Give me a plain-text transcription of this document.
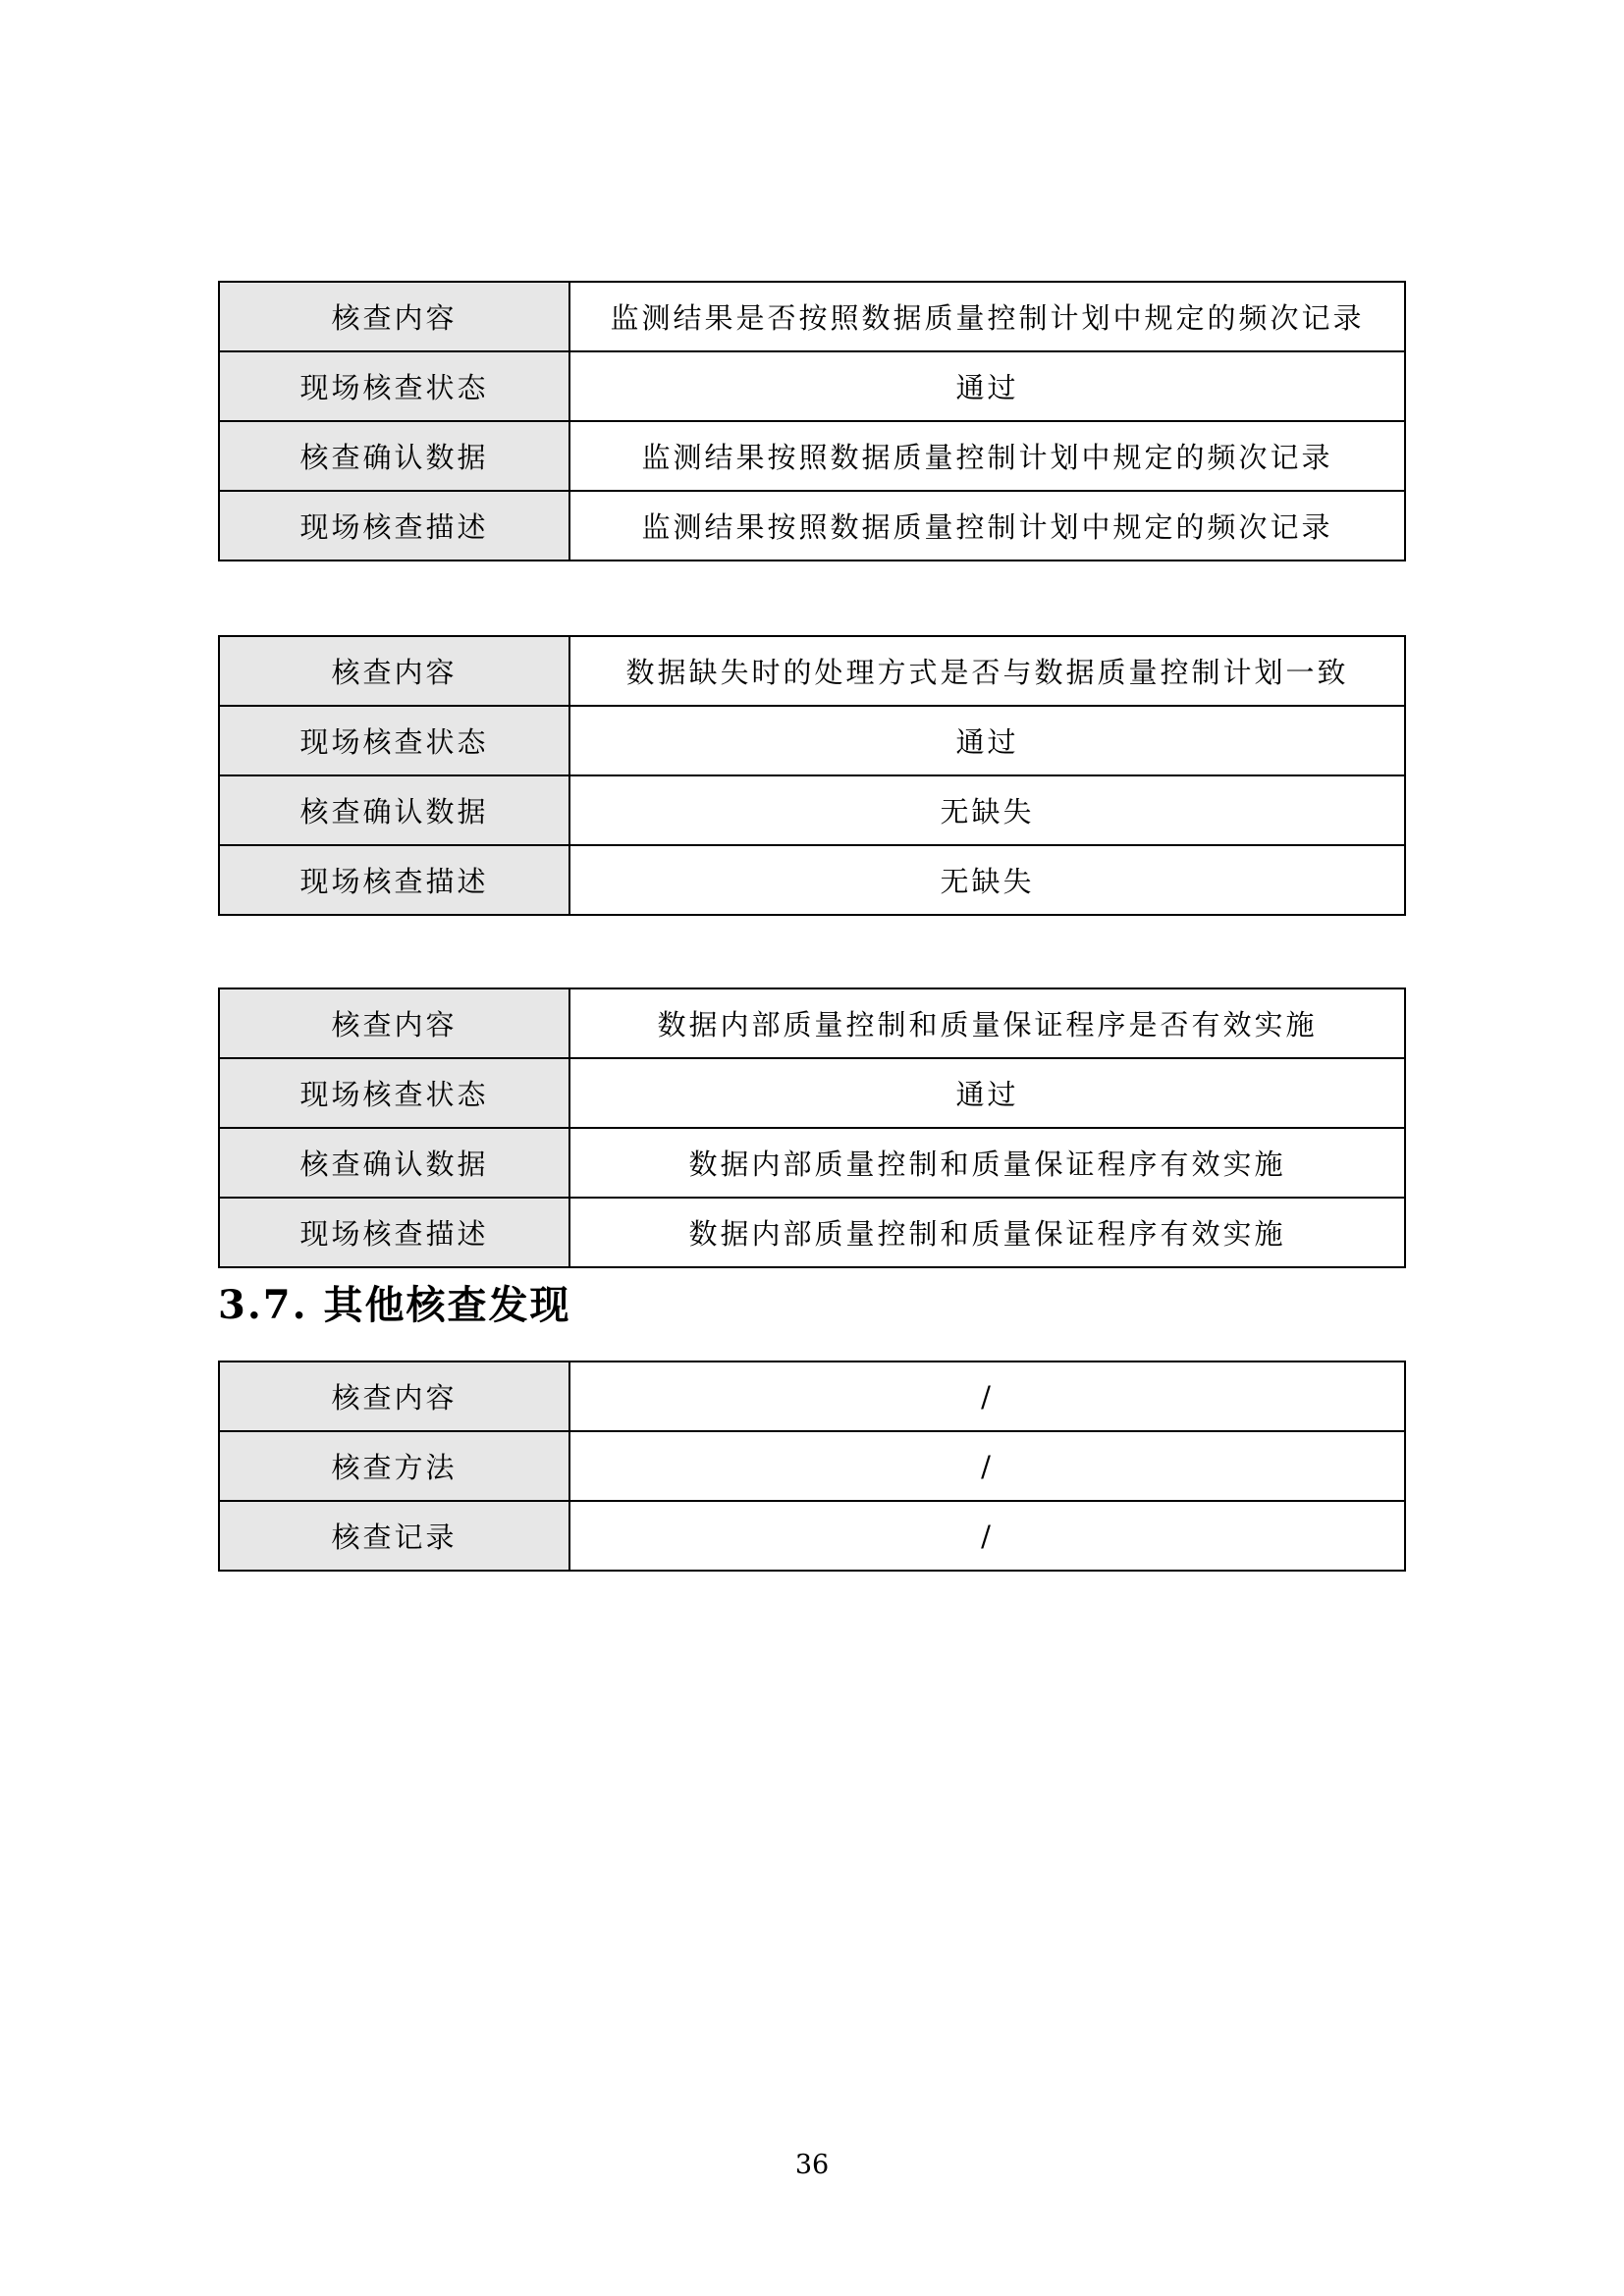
核查内容	监测结果是否按照数据质量控制计划中规定的频次记录
现场核查状态	通过
核查确认数据	监测结果按照数据质量控制计划中规定的频次记录
现场核查描述	监测结果按照数据质量控制计划中规定的频次记录
核查内容	数据缺失时的处理方式是否与数据质量控制计划一致
现场核查状态	通过
核查确认数据	无缺失
现场核查描述	无缺失
核查内容	数据内部质量控制和质量保证程序是否有效实施
现场核查状态	通过
核查确认数据	数据内部质量控制和质量保证程序有效实施
现场核查描述	数据内部质量控制和质量保证程序有效实施
3.7. 其他核查发现
核查内容	/
核查方法	/
核查记录	/
36
